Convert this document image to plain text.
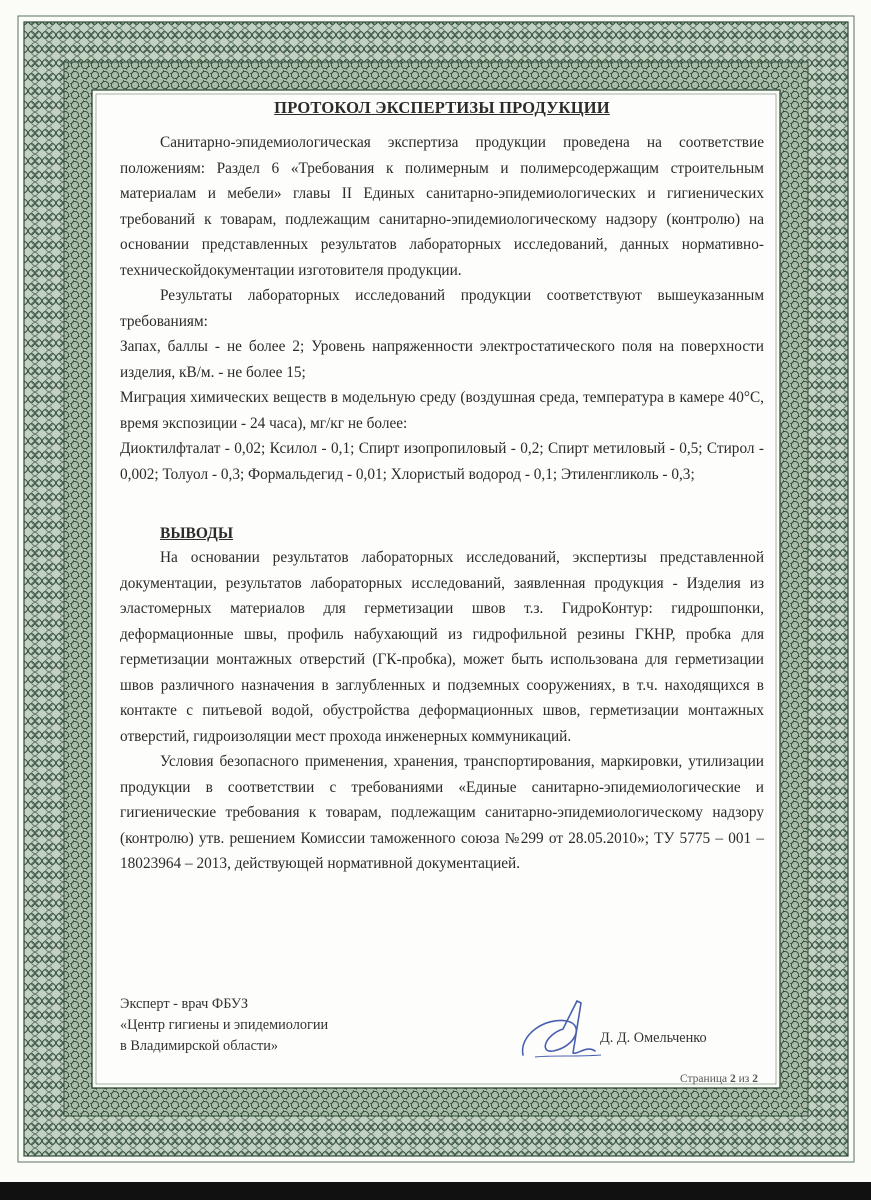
ПРОТОКОЛ ЭКСПЕРТИЗЫ ПРОДУКЦИИ

Санитарно-эпидемиологическая экспертиза продукции проведена на соответствие положениям: Раздел 6 «Требования к полимерным и полимерсодержащим строительным материалам и мебели» главы II Единых санитарно-эпидемиологических и гигиенических требований к товарам, подлежащим санитарно-эпидемиологическому надзору (контролю) на основании представленных результатов лабораторных исследований, данных нормативно-техническойдокументации изготовителя продукции.

Результаты лабораторных исследований продукции соответствуют вышеуказанным требованиям:

Запах, баллы - не более 2; Уровень напряженности электростатического поля на поверхности изделия, кВ/м. - не более 15;

Миграция химических веществ в модельную среду (воздушная среда, температура в камере 40°С, время экспозиции - 24 часа), мг/кг не более:

Диоктилфталат - 0,02; Ксилол - 0,1; Спирт изопропиловый - 0,2; Спирт метиловый - 0,5; Стирол - 0,002; Толуол - 0,3; Формальдегид - 0,01; Хлористый водород - 0,1; Этиленгликоль - 0,3;

ВЫВОДЫ

На основании результатов лабораторных исследований, экспертизы представленной документации, результатов лабораторных исследований, заявленная продукция - Изделия из эластомерных материалов для герметизации швов т.з. ГидроКонтур: гидрошпонки, деформационные швы, профиль набухающий из гидрофильной резины ГКНР, пробка для герметизации монтажных отверстий (ГК-пробка), может быть использована для герметизации швов различного назначения в заглубленных и подземных сооружениях, в т.ч. находящихся в контакте с питьевой водой, обустройства деформационных швов, герметизации монтажных отверстий, гидроизоляции мест прохода инженерных коммуникаций.

Условия безопасного применения, хранения, транспортирования, маркировки, утилизации продукции в соответствии с требованиями «Единые санитарно-эпидемиологические и гигиенические требования к товарам, подлежащим санитарно-эпидемиологическому надзору (контролю) утв. решением Комиссии таможенного союза №299 от 28.05.2010»; ТУ 5775 – 001 – 18023964 – 2013, действующей нормативной документацией.

Эксперт - врач ФБУЗ
«Центр гигиены и эпидемиологии
в Владимирской области»	Д. Д. Омельченко
Страница 2 из 2
